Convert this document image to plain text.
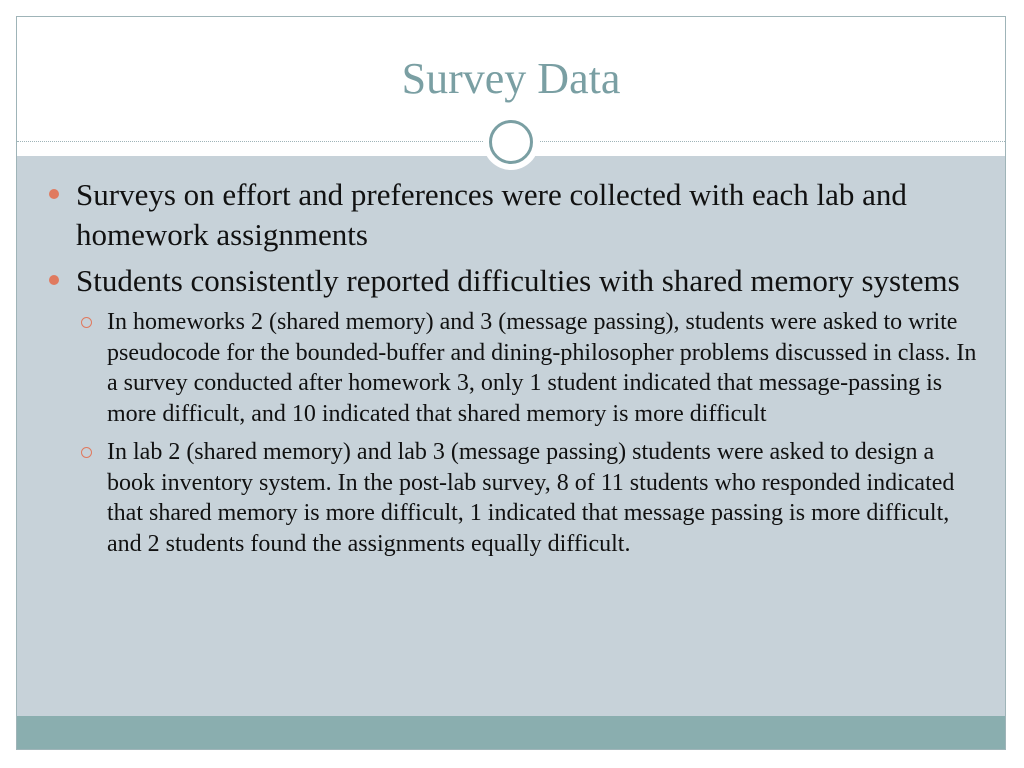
Survey Data
Surveys on effort and preferences were collected with each lab and homework assignments
Students consistently reported difficulties with shared memory systems
In homeworks 2 (shared memory) and 3 (message passing), students were asked to write pseudocode for the bounded-buffer and dining-philosopher problems discussed in class. In a survey conducted after homework 3, only 1 student indicated that message-passing is more difficult, and 10 indicated that shared memory is more difficult
In lab 2 (shared memory) and lab 3 (message passing) students were asked to design a book inventory system. In the post-lab survey, 8 of 11 students who responded indicated that shared memory is more difficult, 1 indicated that message passing is more difficult, and 2 students found the assignments equally difficult.
